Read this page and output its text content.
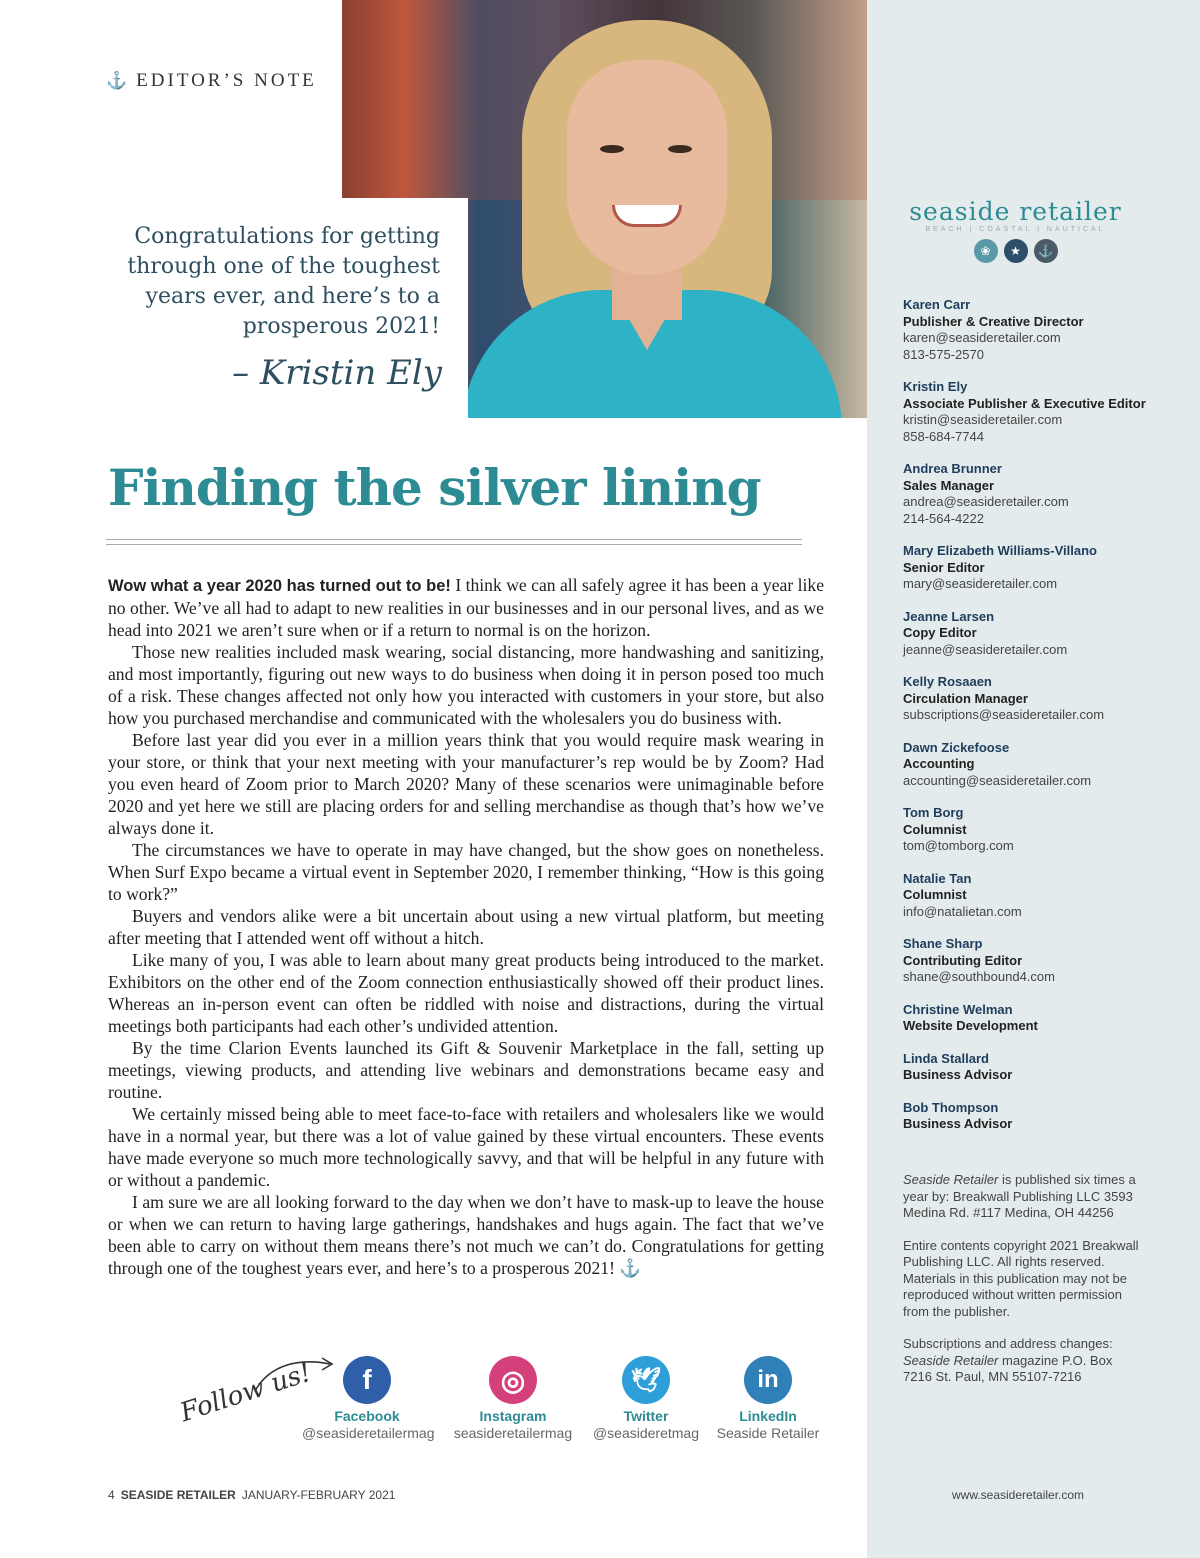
⚓ EDITOR’S NOTE
Congratulations for getting through one of the toughest years ever, and here’s to a prosperous 2021!
– Kristin Ely
Finding the silver lining

Wow what a year 2020 has turned out to be! I think we can all safely agree it has been a year like no other. We’ve all had to adapt to new realities in our businesses and in our personal lives, and as we head into 2021 we aren’t sure when or if a return to normal is on the horizon.

Those new realities included mask wearing, social distancing, more handwashing and sanitizing, and most importantly, figuring out new ways to do business when doing it in person posed too much of a risk. These changes affected not only how you interacted with customers in your store, but also how you purchased merchandise and communicated with the wholesalers you do business with.

Before last year did you ever in a million years think that you would require mask wearing in your store, or think that your next meeting with your manufacturer’s rep would be by Zoom? Had you even heard of Zoom prior to March 2020? Many of these scenarios were unimaginable before 2020 and yet here we still are placing orders for and selling merchandise as though that’s how we’ve always done it.

The circumstances we have to operate in may have changed, but the show goes on nonetheless. When Surf Expo became a virtual event in September 2020, I remember thinking, “How is this going to work?”

Buyers and vendors alike were a bit uncertain about using a new virtual platform, but meeting after meeting that I attended went off without a hitch.

Like many of you, I was able to learn about many great products being introduced to the market. Exhibitors on the other end of the Zoom connection enthusiastically showed off their product lines. Whereas an in-person event can often be riddled with noise and distractions, during the virtual meetings both participants had each other’s undivided attention.

By the time Clarion Events launched its Gift & Souvenir Marketplace in the fall, setting up meetings, viewing products, and attending live webinars and demonstrations became easy and routine.

We certainly missed being able to meet face-to-face with retailers and wholesalers like we would have in a normal year, but there was a lot of value gained by these virtual encounters. These events have made everyone so much more technologically savvy, and that will be helpful in any future with or without a pandemic.

I am sure we are all looking forward to the day when we don’t have to mask-up to leave the house or when we can return to having large gatherings, handshakes and hugs again. The fact that we’ve been able to carry on without them means there’s not much we can’t do. Congratulations for getting through one of the toughest years ever, and here’s to a prosperous 2021! ⚓

Follow us!	f
Facebook
@seasideretailermag
◎
Instagram
seasideretailermag
🕊
Twitter
@seasideretmag
in
LinkedIn
Seaside Retailer
4 SEASIDE RETAILER JANUARY-FEBRUARY 2021	www.seasideretailer.com
seaside retailer
BEACH | COASTAL | NAUTICAL
❀	★	⚓
Karen Carr
Publisher & Creative Director
karen@seasideretailer.com
813-575-2570
Kristin Ely
Associate Publisher & Executive Editor
kristin@seasideretailer.com
858-684-7744
Andrea Brunner
Sales Manager
andrea@seasideretailer.com
214-564-4222
Mary Elizabeth Williams-Villano
Senior Editor
mary@seasideretailer.com
Jeanne Larsen
Copy Editor
jeanne@seasideretailer.com
Kelly Rosaaen
Circulation Manager
subscriptions@seasideretailer.com
Dawn Zickefoose
Accounting
accounting@seasideretailer.com
Tom Borg
Columnist
tom@tomborg.com
Natalie Tan
Columnist
info@natalietan.com
Shane Sharp
Contributing Editor
shane@southbound4.com
Christine Welman
Website Development
Linda Stallard
Business Advisor
Bob Thompson
Business Advisor

Seaside Retailer is published six times a year by: Breakwall Publishing LLC 3593 Medina Rd. #117 Medina, OH 44256

Entire contents copyright 2021 Breakwall Publishing LLC. All rights reserved. Materials in this publication may not be reproduced without written permission from the publisher.

Subscriptions and address changes:
Seaside Retailer magazine P.O. Box 7216 St. Paul, MN 55107-7216
